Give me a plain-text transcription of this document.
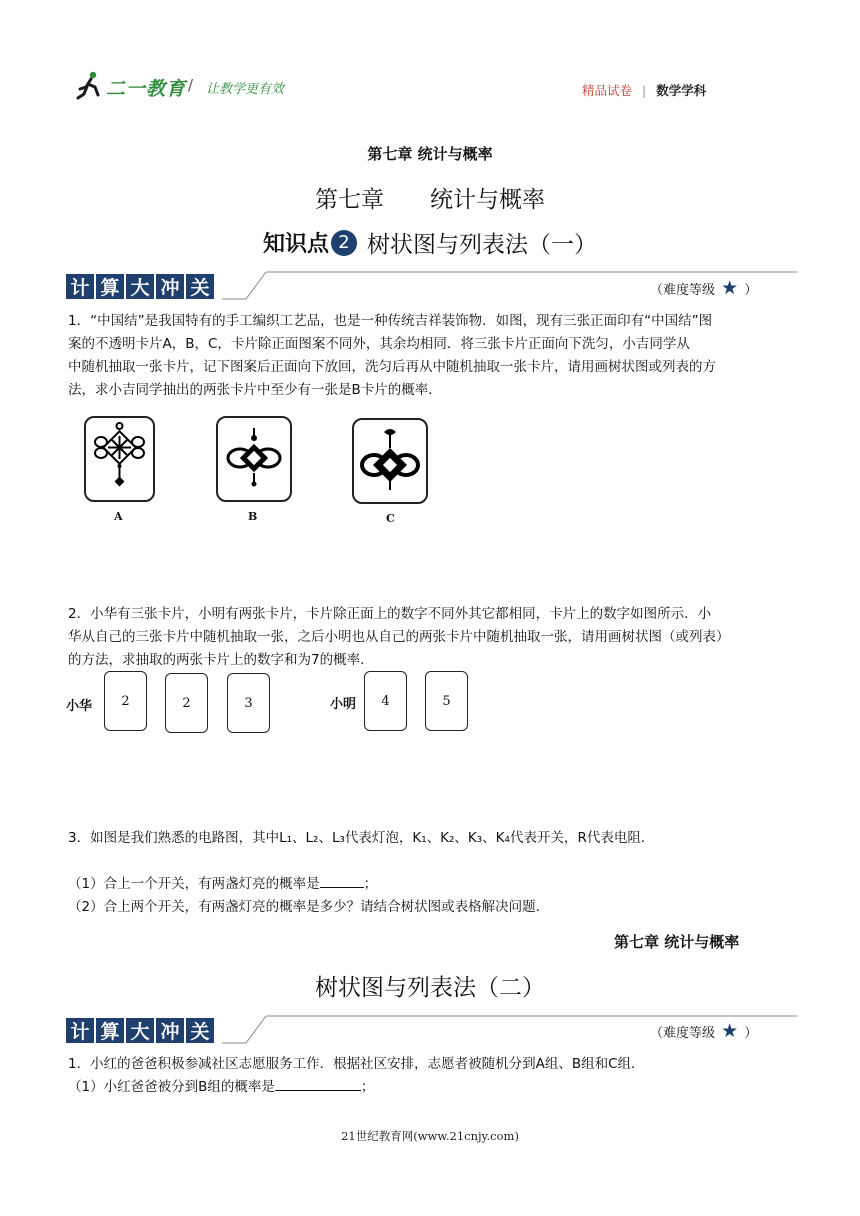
二一教育 / 让教学更有效	精品试卷 | 数学学科
第七章 统计与概率
第七章　　统计与概率
知识点 2 树状图与列表法（一）
计 算 大 冲 关	（难度等级 ★ ）
1．“中国结”是我国特有的手工编织工艺品，也是一种传统吉祥装饰物．如图，现有三张正面印有“中国结”图
案的不透明卡片A，B，C，卡片除正面图案不同外，其余均相同．将三张卡片正面向下洗匀，小吉同学从
中随机抽取一张卡片，记下图案后正面向下放回，洗匀后再从中随机抽取一张卡片，请用画树状图或列表的方
法，求小吉同学抽出的两张卡片中至少有一张是B卡片的概率．
A	B	C
2．小华有三张卡片，小明有两张卡片，卡片除正面上的数字不同外其它都相同，卡片上的数字如图所示．小
华从自己的三张卡片中随机抽取一张，之后小明也从自己的两张卡片中随机抽取一张，请用画树状图（或列表）
的方法，求抽取的两张卡片上的数字和为7的概率．
小华	2	2	3	小明	4	5
3．如图是我们熟悉的电路图，其中L₁、L₂、L₃代表灯泡，K₁、K₂、K₃、K₄代表开关，R代表电阻．
（1）合上一个开关，有两盏灯亮的概率是	；
（2）合上两个开关，有两盏灯亮的概率是多少？请结合树状图或表格解决问题．
第七章 统计与概率
树状图与列表法（二）
计 算 大 冲 关	（难度等级 ★ ）
1．小红的爸爸积极参减社区志愿服务工作．根据社区安排，志愿者被随机分到A组、B组和C组．
（1）小红爸爸被分到B组的概率是	；
21世纪教育网(www.21cnjy.com)
